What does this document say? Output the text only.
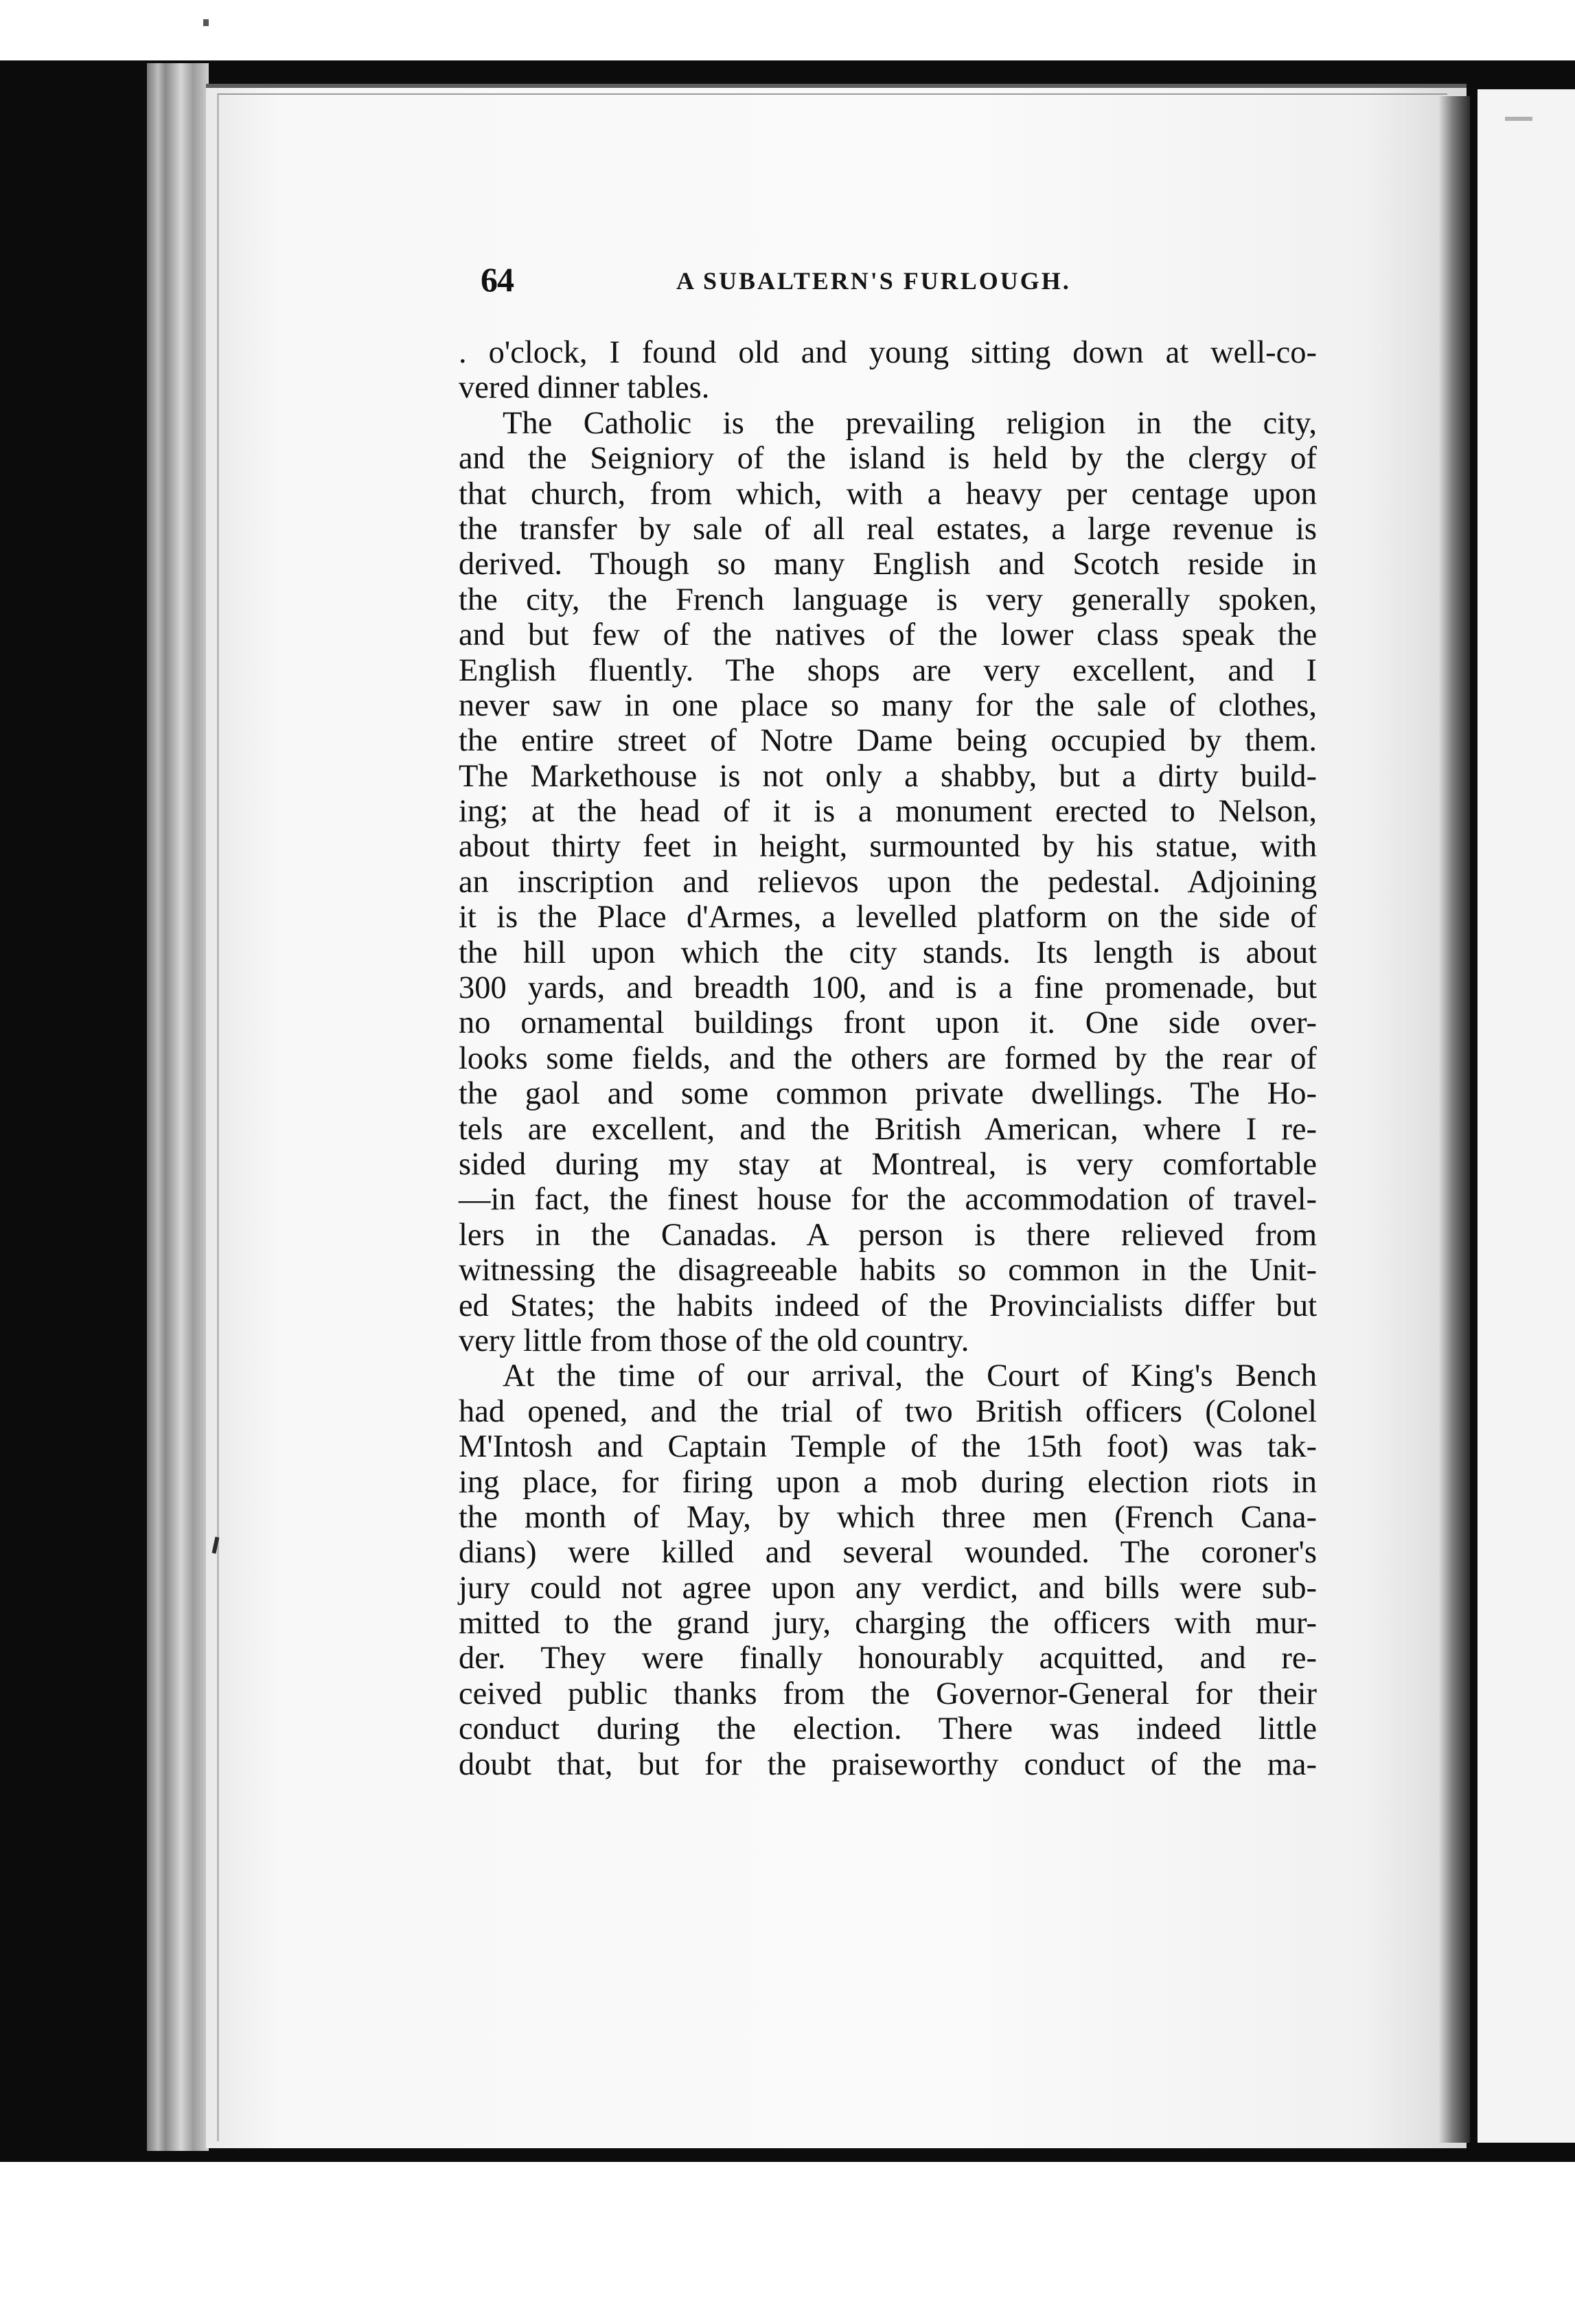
64	A SUBALTERN'S FURLOUGH.
. o'clock, I found old and young sitting down at well-co-
vered dinner tables.
The Catholic is the prevailing religion in the city,
and the Seigniory of the island is held by the clergy of
that church, from which, with a heavy per centage upon
the transfer by sale of all real estates, a large revenue is
derived. Though so many English and Scotch reside in
the city, the French language is very generally spoken,
and but few of the natives of the lower class speak the
English fluently. The shops are very excellent, and I
never saw in one place so many for the sale of clothes,
the entire street of Notre Dame being occupied by them.
The Markethouse is not only a shabby, but a dirty build-
ing; at the head of it is a monument erected to Nelson,
about thirty feet in height, surmounted by his statue, with
an inscription and relievos upon the pedestal. Adjoining
it is the Place d'Armes, a levelled platform on the side of
the hill upon which the city stands. Its length is about
300 yards, and breadth 100, and is a fine promenade, but
no ornamental buildings front upon it. One side over-
looks some fields, and the others are formed by the rear of
the gaol and some common private dwellings. The Ho-
tels are excellent, and the British American, where I re-
sided during my stay at Montreal, is very comfortable
—in fact, the finest house for the accommodation of travel-
lers in the Canadas. A person is there relieved from
witnessing the disagreeable habits so common in the Unit-
ed States; the habits indeed of the Provincialists differ but
very little from those of the old country.
At the time of our arrival, the Court of King's Bench
had opened, and the trial of two British officers (Colonel
M'Intosh and Captain Temple of the 15th foot) was tak-
ing place, for firing upon a mob during election riots in
the month of May, by which three men (French Cana-
dians) were killed and several wounded. The coroner's
jury could not agree upon any verdict, and bills were sub-
mitted to the grand jury, charging the officers with mur-
der. They were finally honourably acquitted, and re-
ceived public thanks from the Governor-General for their
conduct during the election. There was indeed little
doubt that, but for the praiseworthy conduct of the ma-
